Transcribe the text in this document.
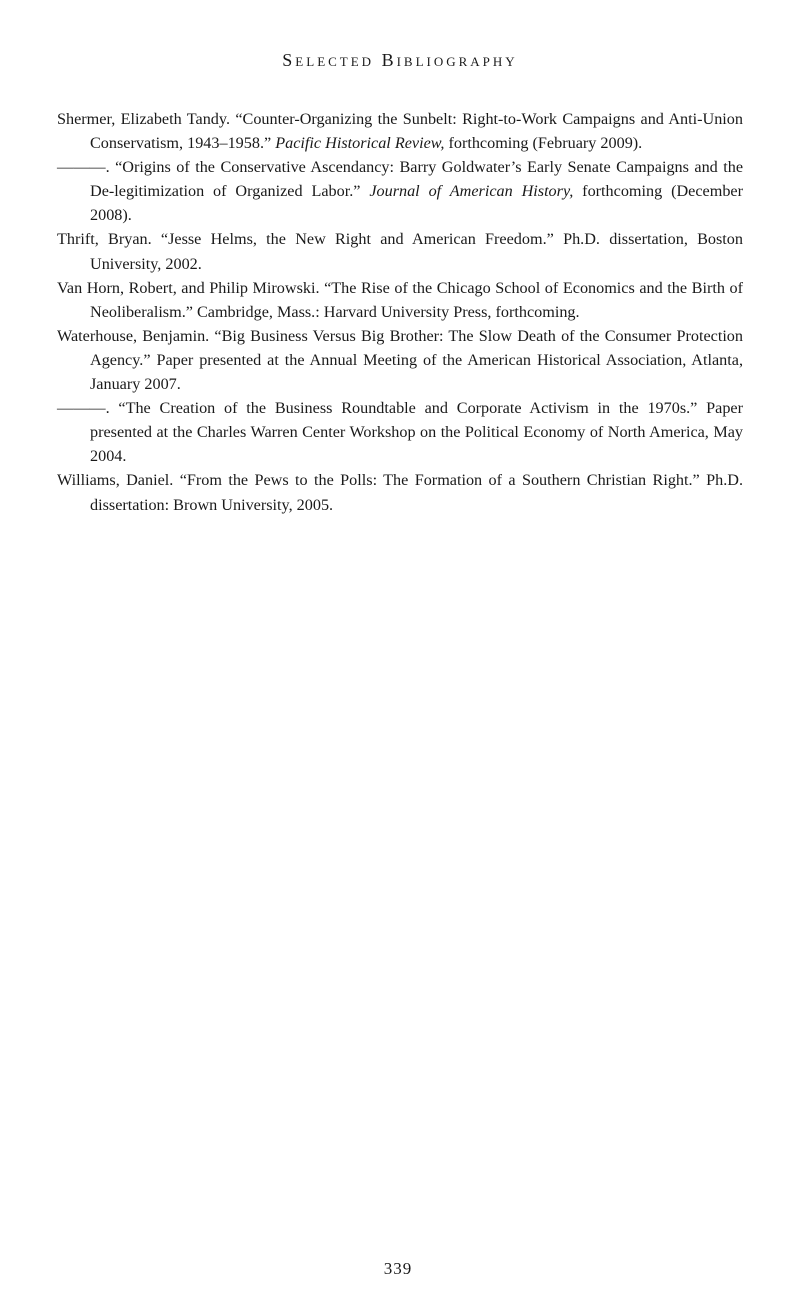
Selected Bibliography
Shermer, Elizabeth Tandy. “Counter-Organizing the Sunbelt: Right-to-Work Campaigns and Anti-Union Conservatism, 1943–1958.” Pacific Historical Review, forthcoming (February 2009).
———. “Origins of the Conservative Ascendancy: Barry Goldwater’s Early Senate Campaigns and the De-legitimization of Organized Labor.” Journal of American History, forthcoming (December 2008).
Thrift, Bryan. “Jesse Helms, the New Right and American Freedom.” Ph.D. dissertation, Boston University, 2002.
Van Horn, Robert, and Philip Mirowski. “The Rise of the Chicago School of Economics and the Birth of Neoliberalism.” Cambridge, Mass.: Harvard University Press, forthcoming.
Waterhouse, Benjamin. “Big Business Versus Big Brother: The Slow Death of the Consumer Protection Agency.” Paper presented at the Annual Meeting of the American Historical Association, Atlanta, January 2007.
———. “The Creation of the Business Roundtable and Corporate Activism in the 1970s.” Paper presented at the Charles Warren Center Workshop on the Political Economy of North America, May 2004.
Williams, Daniel. “From the Pews to the Polls: The Formation of a Southern Christian Right.” Ph.D. dissertation: Brown University, 2005.
339
